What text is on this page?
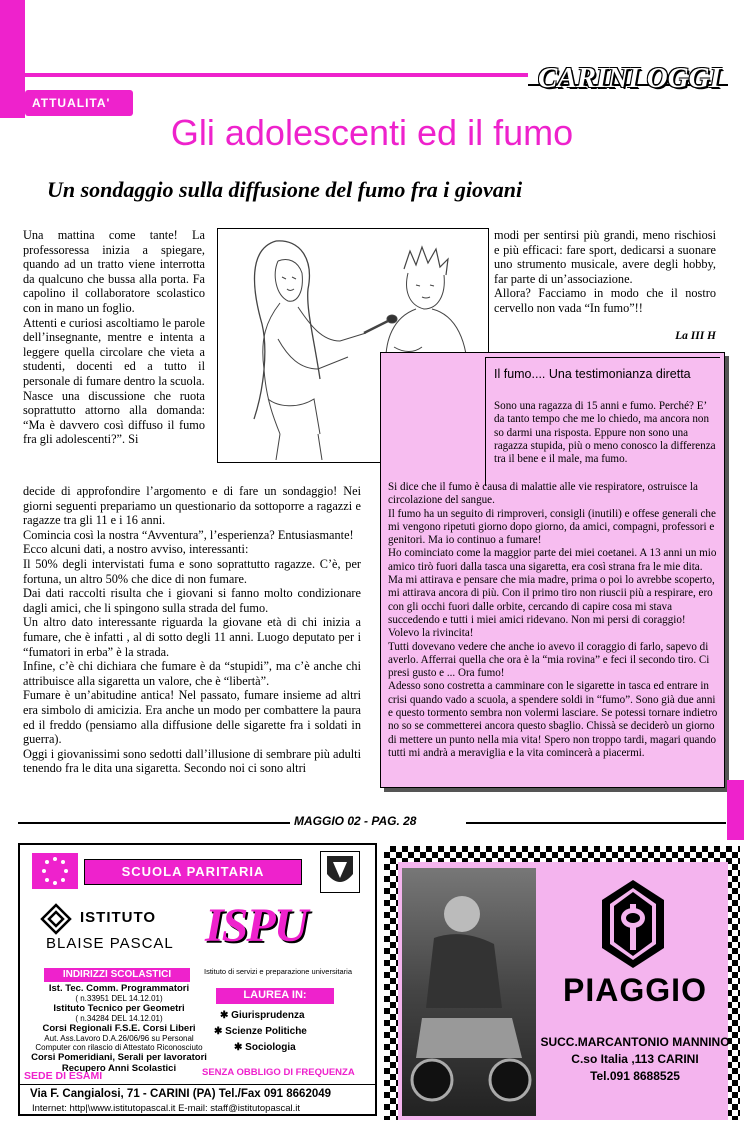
ATTUALITA'
CARINI OGGI
Gli adolescenti ed il fumo
Un sondaggio sulla diffusione del fumo fra i giovani

Una mattina come tante! La professoressa inizia a spiegare, quando ad un tratto viene interrotta da qualcuno che bussa alla porta. Fa capolino il collaboratore scolastico con in mano un foglio.

Attenti e curiosi ascoltiamo le parole dell’insegnante, mentre e intenta a leggere quella circolare che vieta a studenti, docenti ed a tutto il personale di fumare dentro la scuola.

Nasce una discussione che ruota soprattutto attorno alla domanda: “Ma è davvero così diffuso il fumo fra gli adolescenti?”. Si

decide di approfondire l’argomento e di fare un sondaggio! Nei giorni seguenti prepariamo un questionario da sottoporre a ragazzi e ragazze tra gli 11 e i 16 anni.

Comincia così la nostra “Avventura”, l’esperienza? Entusiasmante!

Ecco alcuni dati, a nostro avviso, interessanti:

Il 50% degli intervistati fuma e sono soprattutto ragazze. C’è, per fortuna, un altro 50% che dice di non fumare.

Dai dati raccolti risulta che i giovani si fanno molto condizionare dagli amici, che li spingono sulla strada del fumo.

Un altro dato interessante riguarda la giovane età di chi inizia a fumare, che è infatti , al di sotto degli 11 anni. Luogo deputato per i “fumatori in erba” è la strada.

Infine, c’è chi dichiara che fumare è da “stupidi”, ma c’è anche chi attribuisce alla sigaretta un valore, che è “libertà”.

Fumare è un’abitudine antica! Nel passato, fumare insieme ad altri era simbolo di amicizia. Era anche un modo per combattere la paura ed il freddo (pensiamo alla diffusione delle sigarette fra i soldati in guerra).

Oggi i giovanissimi sono sedotti dall’illusione di sembrare più adulti tenendo fra le dita una sigaretta. Secondo noi ci sono altri

modi per sentirsi più grandi, meno rischiosi e più efficaci: fare sport, dedicarsi a suonare uno strumento musicale, avere degli hobby, far parte di un’associazione.

Allora? Facciamo in modo che il nostro cervello non vada “In fumo”!!

La III H
Il fumo.... Una testimonianza diretta
Sono una ragazza di 15 anni e fumo. Perché? E’ da tanto tempo che me lo chiedo, ma ancora non so darmi una risposta. Eppure non sono una ragazza stupida, più o meno conosco la differenza tra il bene e il male, ma fumo.

Si dice che il fumo è causa di malattie alle vie respiratore, ostruisce la circolazione del sangue.

Il fumo ha un seguito di rimproveri, consigli (inutili) e offese generali che mi vengono ripetuti giorno dopo giorno, da amici, compagni, professori e genitori. Ma io continuo a fumare!

Ho cominciato come la maggior parte dei miei coetanei. A 13 anni un mio amico tirò fuori dalla tasca una sigaretta, era così strana fra le mie dita. Ma mi attirava e pensare che mia madre, prima o poi lo avrebbe scoperto, mi attirava ancora di più. Con il primo tiro non riuscii più a respirare, ero con gli occhi fuori dalle orbite, cercando di capire cosa mi stava succedendo e tutti i miei amici ridevano. Non mi persi di coraggio! Volevo la rivincita!

Tutti dovevano vedere che anche io avevo il coraggio di farlo, sapevo di averlo. Afferrai quella che ora è la “mia rovina” e feci il secondo tiro. Ci presi gusto e ... Ora fumo!

Adesso sono costretta a camminare con le sigarette in tasca ed entrare in crisi quando vado a scuola, a spendere soldi in “fumo”. Sono già due anni e questo tormento sembra non volermi lasciare. Se potessi tornare indietro no so se commetterei ancora questo sbaglio. Chissà se deciderò un giorno di mettere un punto nella mia vita! Spero non troppo tardi, magari quando tutti mi andrà a meraviglia e la vita comincerà a piacermi.

MAGGIO 02 - PAG. 28
SCUOLA PARITARIA
ISTITUTO
BLAISE PASCAL
INDIRIZZI SCOLASTICI
Ist. Tec. Comm. Programmatori
( n.33951 DEL 14.12.01)
Istituto Tecnico per Geometri
( n.34284 DEL 14.12.01)
Corsi Regionali F.S.E. Corsi Liberi
Aut. Ass.Lavoro D.A.26/06/96 su Personal
Computer con rilascio di Attestato Riconosciuto
Corsi Pomeridiani, Serali per lavoratori
Recupero Anni Scolastici
ISPU
Istituto di servizi e preparazione universitaria
LAUREA IN:
✱ Giurisprudenza
✱ Scienze Politiche
✱ Sociologia
SEDE DI ESAMI	SENZA OBBLIGO DI FREQUENZA
Via F. Cangialosi, 71 - CARINI (PA) Tel./Fax 091 8662049
Internet: http|\www.istitutopascal.it E-mail: staff@istitutopascal.it
PIAGGIO
SUCC.MARCANTONIO MANNINO
C.so Italia ,113 CARINI
Tel.091 8688525
